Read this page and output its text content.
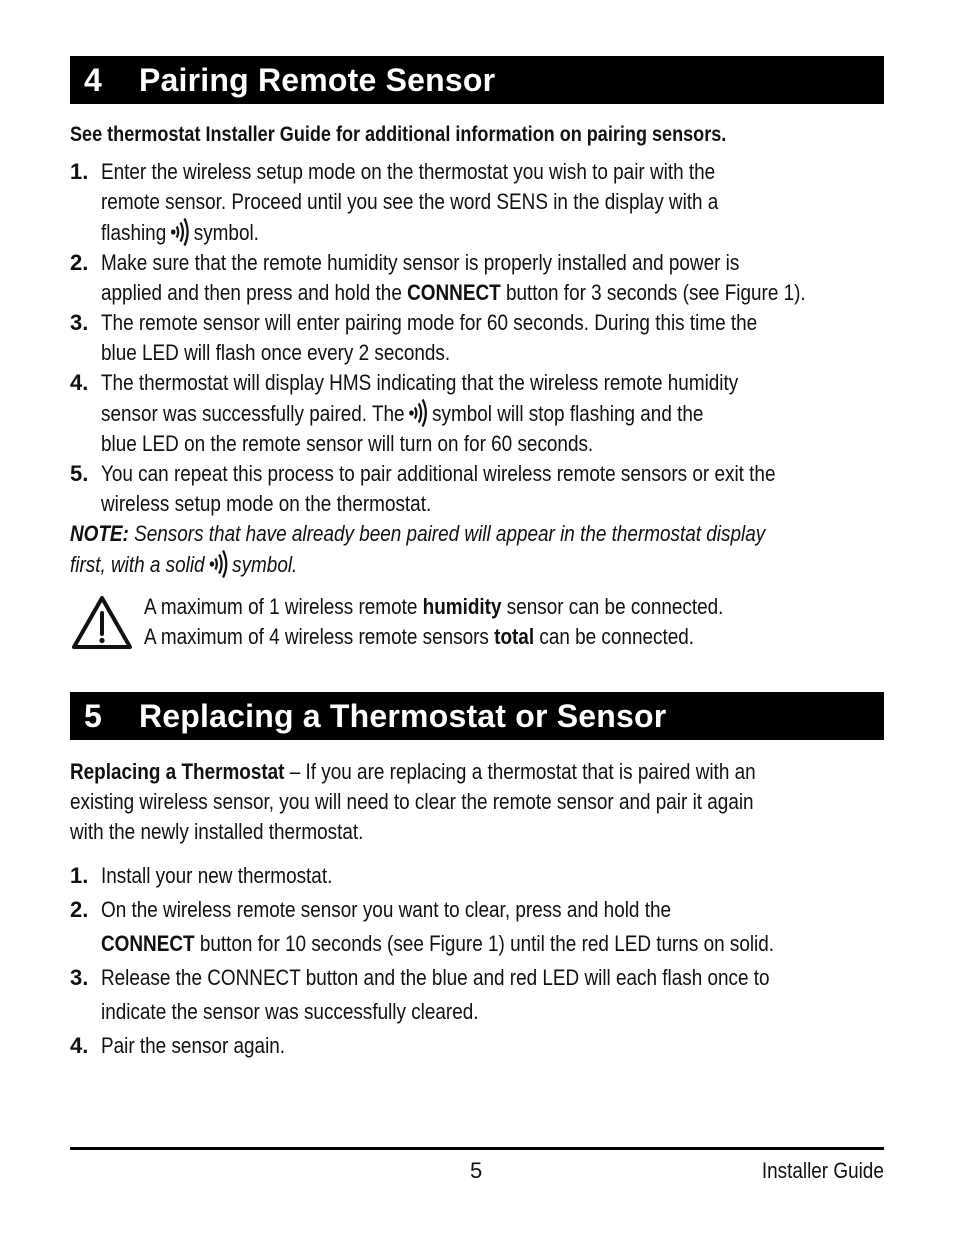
4	Pairing Remote Sensor
See thermostat Installer Guide for additional information on pairing sensors.
1. Enter the wireless setup mode on the thermostat you wish to pair with the
remote sensor. Proceed until you see the word SENS in the display with a
flashing symbol.
2. Make sure that the remote humidity sensor is properly installed and power is
applied and then press and hold the CONNECT button for 3 seconds (see Figure 1).
3. The remote sensor will enter pairing mode for 60 seconds. During this time the
blue LED will flash once every 2 seconds.
4. The thermostat will display HMS indicating that the wireless remote humidity
sensor was successfully paired. The symbol will stop flashing and the
blue LED on the remote sensor will turn on for 60 seconds.
5. You can repeat this process to pair additional wireless remote sensors or exit the
wireless setup mode on the thermostat.
NOTE: Sensors that have already been paired will appear in the thermostat display
first, with a solid symbol.
A maximum of 1 wireless remote humidity sensor can be connected.
A maximum of 4 wireless remote sensors total can be connected.
5	Replacing a Thermostat or Sensor
Replacing a Thermostat – If you are replacing a thermostat that is paired with an
existing wireless sensor, you will need to clear the remote sensor and pair it again
with the newly installed thermostat.
1. Install your new thermostat.
2. On the wireless remote sensor you want to clear, press and hold the
CONNECT button for 10 seconds (see Figure 1) until the red LED turns on solid.
3. Release the CONNECT button and the blue and red LED will each flash once to
indicate the sensor was successfully cleared.
4. Pair the sensor again.
5	Installer Guide
